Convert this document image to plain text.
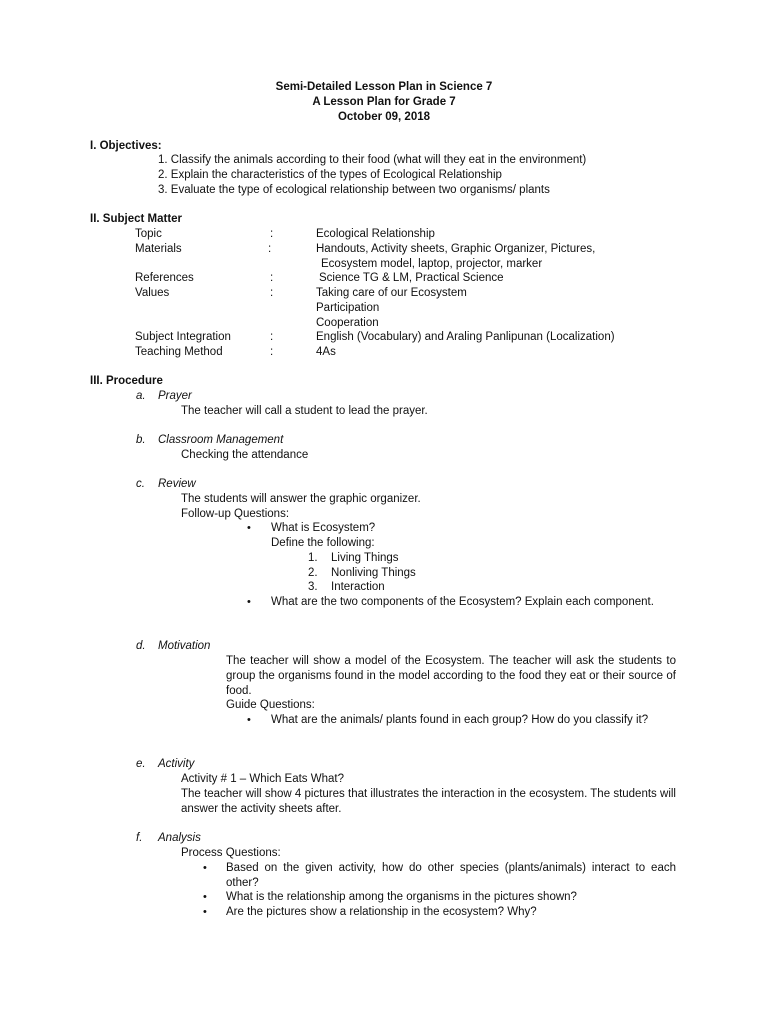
Semi-Detailed Lesson Plan in Science 7
A Lesson Plan for Grade 7
October 09, 2018
I. Objectives:
1. Classify the animals according to their food (what will they eat in the environment)
2. Explain the characteristics of the types of Ecological Relationship
3. Evaluate the type of ecological relationship between two organisms/ plants
II. Subject Matter
Topic	:	Ecological Relationship
Materials	:	Handouts, Activity sheets, Graphic Organizer, Pictures,
Ecosystem model, laptop, projector, marker
References	:	Science TG & LM, Practical Science
Values	:	Taking care of our Ecosystem
Participation
Cooperation
Subject Integration	:	English (Vocabulary) and Araling Panlipunan (Localization)
Teaching Method	:	4As
III. Procedure
a. Prayer
The teacher will call a student to lead the prayer.
b. Classroom Management
Checking the attendance
c. Review
The students will answer the graphic organizer.
Follow-up Questions:
• What is Ecosystem?
Define the following:
1. Living Things
2. Nonliving Things
3. Interaction
• What are the two components of the Ecosystem? Explain each component.
d. Motivation
The teacher will show a model of the Ecosystem. The teacher will ask the students to group the organisms found in the model according to the food they eat or their source of food.
Guide Questions:
• What are the animals/ plants found in each group? How do you classify it?
e. Activity
Activity # 1 – Which Eats What?
The teacher will show 4 pictures that illustrates the interaction in the ecosystem. The students will answer the activity sheets after.
f. Analysis
Process Questions:
• Based on the given activity, how do other species (plants/animals) interact to each other?
• What is the relationship among the organisms in the pictures shown?
• Are the pictures show a relationship in the ecosystem? Why?
